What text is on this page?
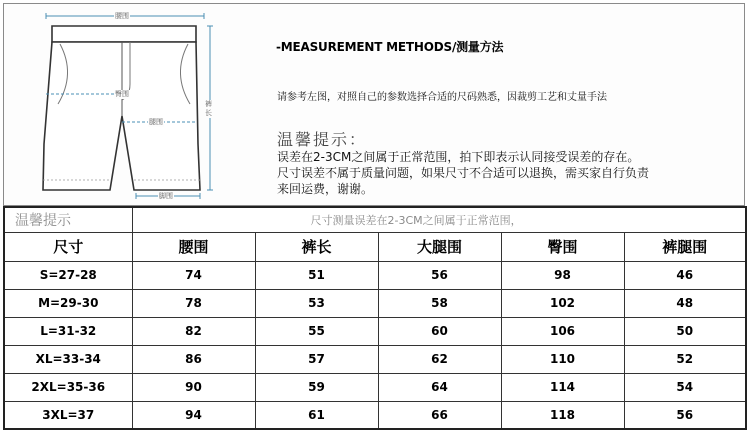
腰围
臀围
腿围
裤长
脚围
-MEASUREMENT METHODS/测量方法
请参考左图，对照自己的参数选择合适的尺码熟悉，因裁剪工艺和丈量手法
温馨提示：
误差在2-3CM之间属于正常范围，拍下即表示认同接受误差的存在。
尺寸误差不属于质量问题，如果尺寸不合适可以退换，需买家自行负责
来回运费，谢谢。
温馨提示	尺寸测量误差在2-3CM之间属于正常范围，				
尺寸	腰围	裤长	大腿围	臀围	裤腿围
S=27-28	74	51	56	98	46
M=29-30	78	53	58	102	48
L=31-32	82	55	60	106	50
XL=33-34	86	57	62	110	52
2XL=35-36	90	59	64	114	54
3XL=37	94	61	66	118	56
